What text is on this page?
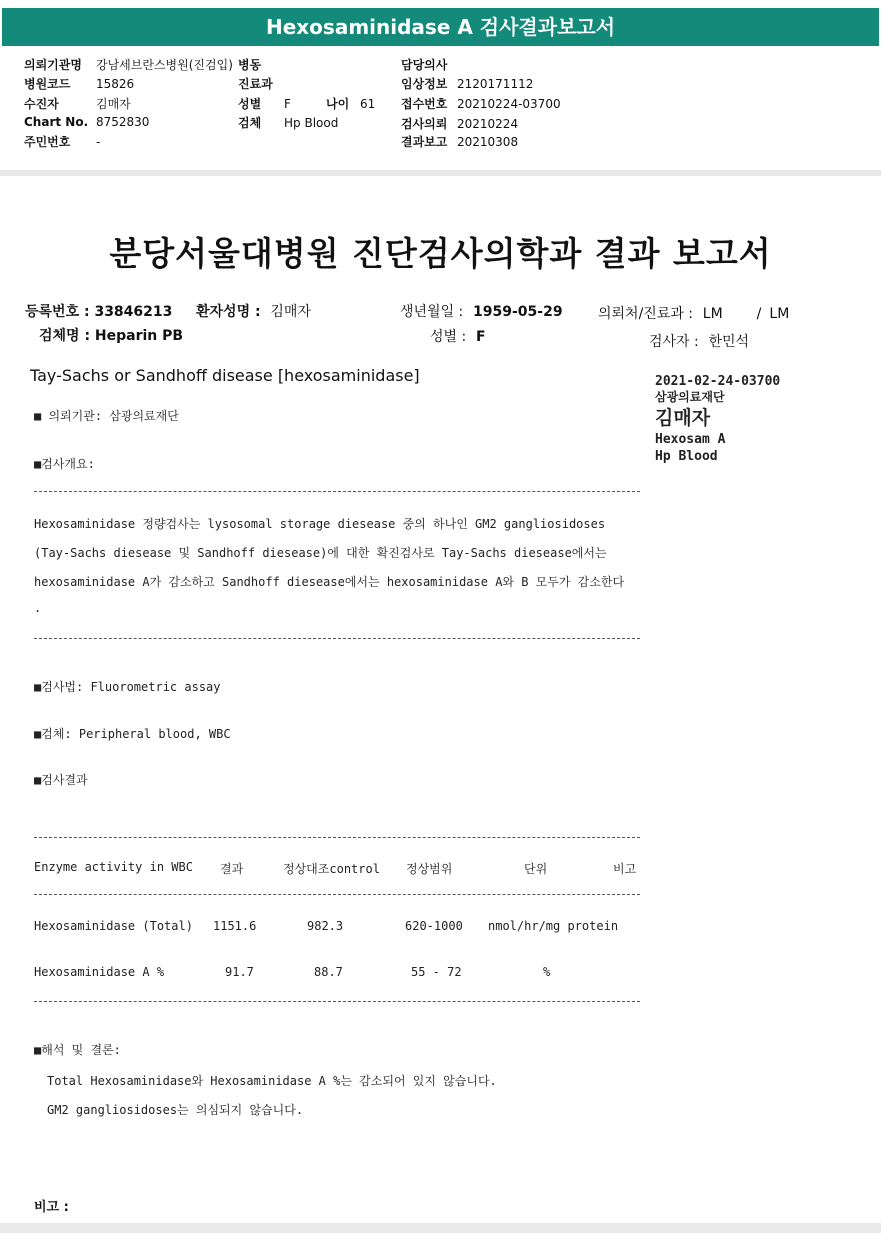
Hexosaminidase A 검사결과보고서
의뢰기관명 강남세브란스병원(진검입)
병원코드 15826
수진자	김매자
Chart No. 8752830
주민번호 -
병동
진료과
성별 F	나이 61
검체 Hp Blood
담당의사
임상정보 2120171112
접수번호 20210224-03700
검사의뢰 20210224
결과보고 20210308
분당서울대병원 진단검사의학과 결과 보고서
등록번호 : 33846213 환자성명 : 김매자	생년월일 : 1959-05-29	의뢰처/진료과 : LM / LM
검체명 : Heparin PB	성별 : F	검사자 : 한민석
Tay-Sachs or Sandhoff disease [hexosaminidase]	2021-02-24-03700
삼광의료재단
김매자
Hexosam A
Hp Blood
■ 의뢰기관: 삼광의료재단
■검사개요:
Hexosaminidase 정량검사는 lysosomal storage diesease 중의 하나인 GM2 gangliosidoses
(Tay-Sachs diesease 및 Sandhoff diesease)에 대한 확진검사로 Tay-Sachs diesease에서는
hexosaminidase A가 감소하고 Sandhoff diesease에서는 hexosaminidase A와 B 모두가 감소한다
.
■검사법: Fluorometric assay
■검체: Peripheral blood, WBC
■검사결과
Enzyme activity in WBC 결과	정상대조control 정상범위	단위	비고
Hexosaminidase (Total) 1151.6	982.3	620-1000 nmol/hr/mg protein
Hexosaminidase A %	91.7	88.7	55 - 72	%
■해석 및 결론:
Total Hexosaminidase와 Hexosaminidase A %는 감소되어 있지 않습니다.
GM2 gangliosidoses는 의심되지 않습니다.
비고 :
